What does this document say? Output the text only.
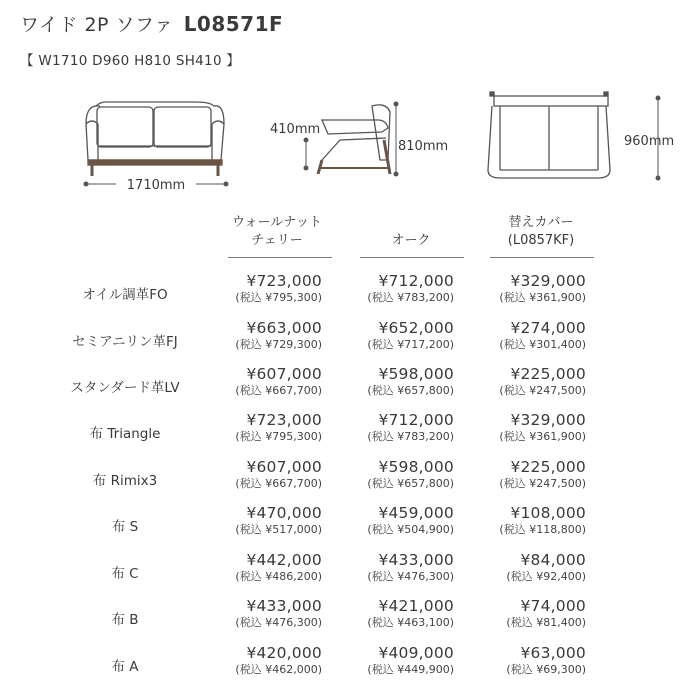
ワイド 2P ソファ L08571F
【 W1710 D960 H810 SH410 】
1710mm
410mm
810mm	960mm
ウォールナット
チェリー	オーク
替えカバー
(L0857KF)
オイル調革FO
¥723,000
(税込 ¥795,300)
¥712,000
(税込 ¥783,200)
¥329,000
(税込 ¥361,900)
セミアニリン革FJ
¥663,000
(税込 ¥729,300)
¥652,000
(税込 ¥717,200)
¥274,000
(税込 ¥301,400)
スタンダード革LV
¥607,000
(税込 ¥667,700)
¥598,000
(税込 ¥657,800)
¥225,000
(税込 ¥247,500)
布 Triangle
¥723,000
(税込 ¥795,300)
¥712,000
(税込 ¥783,200)
¥329,000
(税込 ¥361,900)
布 Rimix3
¥607,000
(税込 ¥667,700)
¥598,000
(税込 ¥657,800)
¥225,000
(税込 ¥247,500)
布 S
¥470,000
(税込 ¥517,000)
¥459,000
(税込 ¥504,900)
¥108,000
(税込 ¥118,800)
布 C
¥442,000
(税込 ¥486,200)
¥433,000
(税込 ¥476,300)
¥84,000
(税込 ¥92,400)
布 B
¥433,000
(税込 ¥476,300)
¥421,000
(税込 ¥463,100)
¥74,000
(税込 ¥81,400)
布 A
¥420,000
(税込 ¥462,000)
¥409,000
(税込 ¥449,900)
¥63,000
(税込 ¥69,300)
